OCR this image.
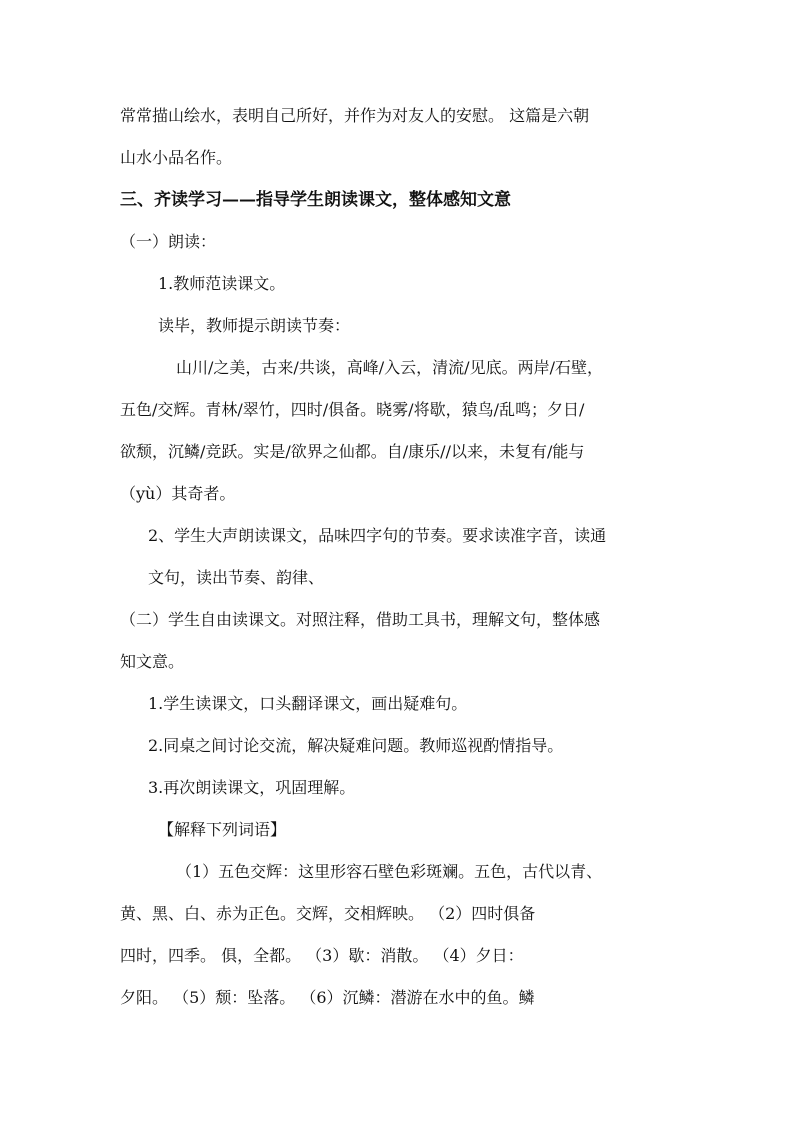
常常描山绘水，表明自己所好，并作为对友人的安慰。 这篇是六朝
山水小品名作。
三、齐读学习——指导学生朗读课文，整体感知文意
（一）朗读：
1.教师范读课文。
读毕，教师提示朗读节奏：
山川/之美，古来/共谈，高峰/入云，清流/见底。两岸/石壁，
五色/交辉。青林/翠竹，四时/俱备。晓雾/将歇，猿鸟/乱鸣；夕日/
欲颓，沉鳞/竞跃。实是/欲界之仙都。自/康乐//以来，未复有/能与
（yù）其奇者。
2、学生大声朗读课文，品味四字句的节奏。要求读准字音，读通
文句，读出节奏、韵律、
（二）学生自由读课文。对照注释，借助工具书，理解文句，整体感
知文意。
1.学生读课文，口头翻译课文，画出疑难句。
2.同桌之间讨论交流，解决疑难问题。教师巡视酌情指导。
3.再次朗读课文，巩固理解。
【解释下列词语】
（1）五色交辉：这里形容石壁色彩斑斓。五色，古代以青、
黄、黑、白、赤为正色。交辉，交相辉映。 （2）四时俱备
四时，四季。 俱，全都。 （3）歇：消散。 （4）夕日：
夕阳。 （5）颓：坠落。 （6）沉鳞：潜游在水中的鱼。鳞
